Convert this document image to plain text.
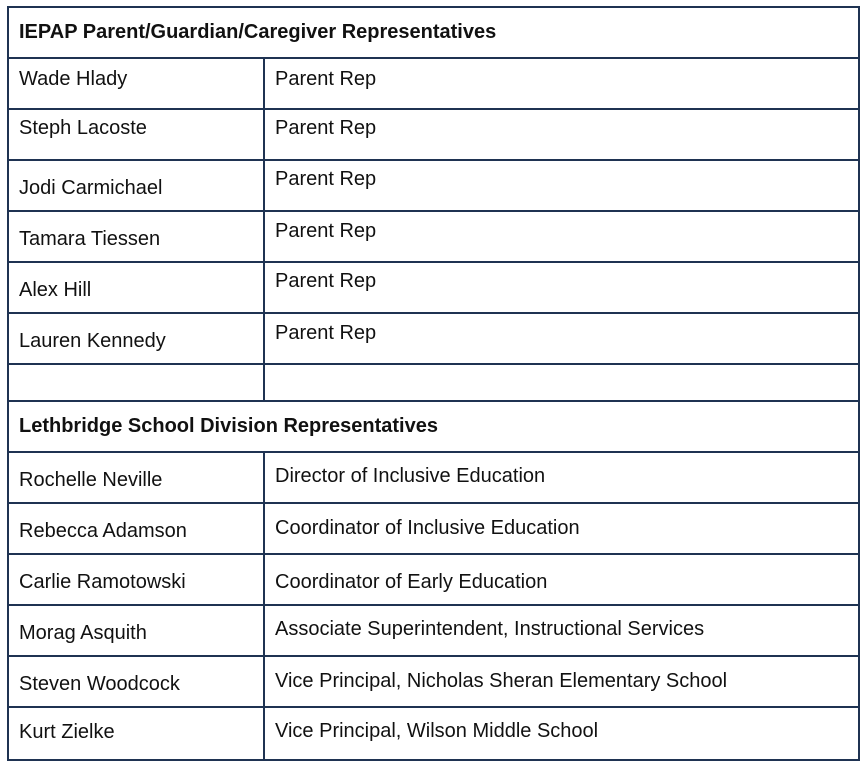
IEPAP Parent/Guardian/Caregiver Representatives
Wade Hlady	Parent Rep
Steph Lacoste	Parent Rep
Jodi Carmichael	Parent Rep
Tamara Tiessen	Parent Rep
Alex Hill	Parent Rep
Lauren Kennedy	Parent Rep
Lethbridge School Division Representatives
Rochelle Neville	Director of Inclusive Education
Rebecca Adamson	Coordinator of Inclusive Education
Carlie Ramotowski	Coordinator of Early Education
Morag Asquith	Associate Superintendent, Instructional Services
Steven Woodcock	Vice Principal, Nicholas Sheran Elementary School
Kurt Zielke	Vice Principal, Wilson Middle School
